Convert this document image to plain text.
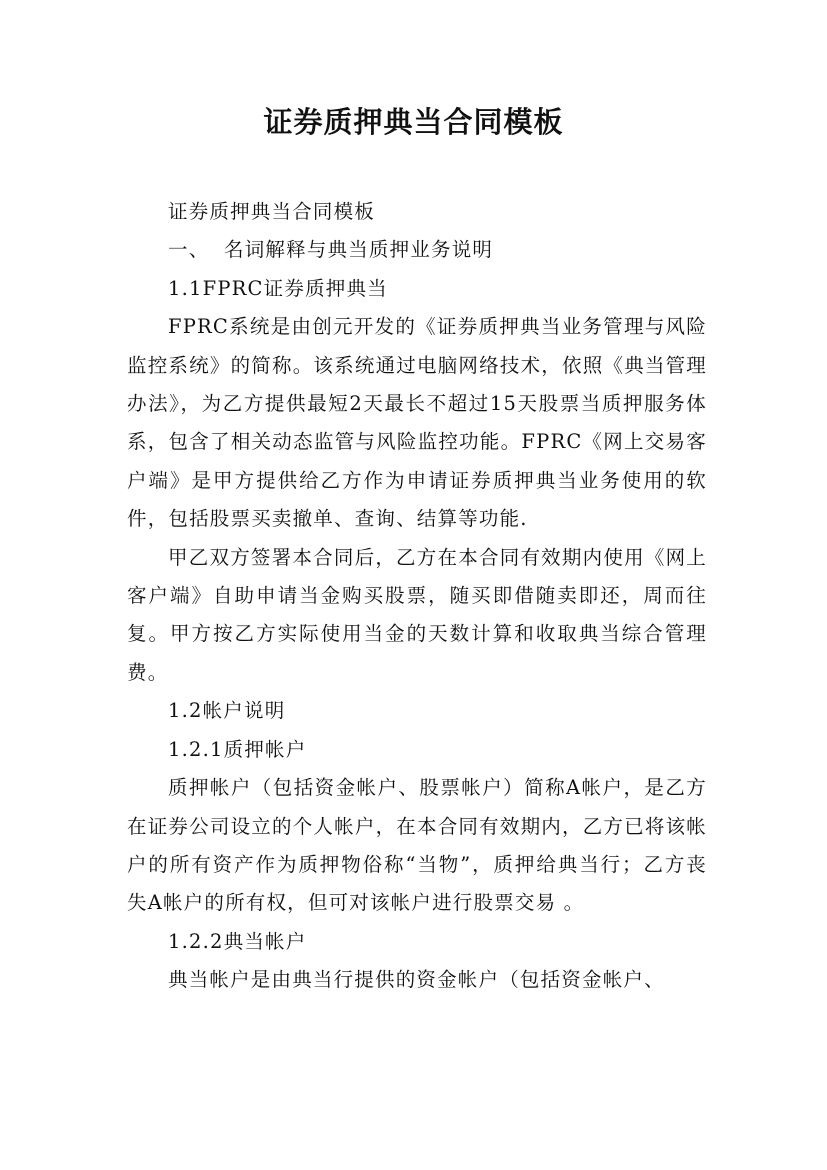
证券质押典当合同模板
证券质押典当合同模板
一、 名词解释与典当质押业务说明
1.1FPRC证券质押典当

FPRC系统是由创元开发的《证券质押典当业务管理与风险监控系统》的简称。该系统通过电脑网络技术，依照《典当管理办法》，为乙方提供最短2天最长不超过15天股票当质押服务体系，包含了相关动态监管与风险监控功能。FPRC《网上交易客户端》是甲方提供给乙方作为申请证券质押典当业务使用的软件，包括股票买卖撤单、查询、结算等功能.

甲乙双方签署本合同后，乙方在本合同有效期内使用《网上客户端》自助申请当金购买股票，随买即借随卖即还，周而往复。甲方按乙方实际使用当金的天数计算和收取典当综合管理费。

1.2帐户说明
1.2.1质押帐户

质押帐户（包括资金帐户、股票帐户）简称A帐户，是乙方在证券公司设立的个人帐户，在本合同有效期内，乙方已将该帐户的所有资产作为质押物俗称“当物”，质押给典当行；乙方丧失A帐户的所有权，但可对该帐户进行股票交易 。

1.2.2典当帐户

典当帐户是由典当行提供的资金帐户（包括资金帐户、
